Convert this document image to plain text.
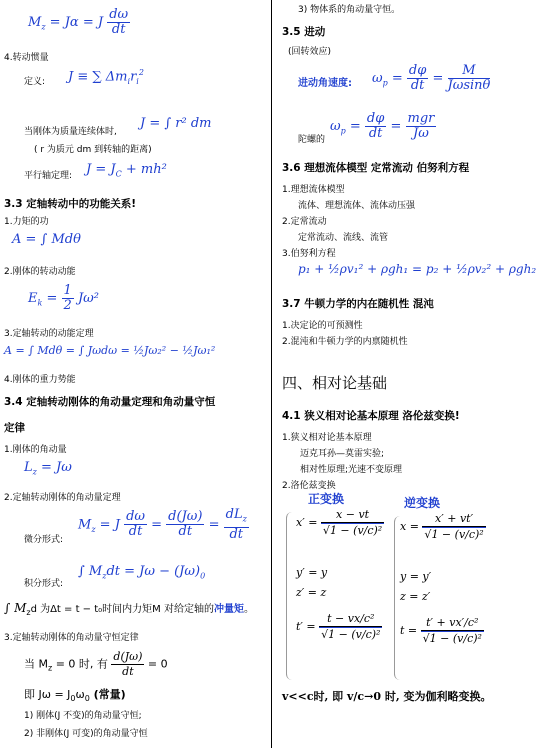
$M_z = J\alpha = J \frac{d\omega}{dt}$
4.转动惯量
定义: J ≡ ∑ $\Delta m_ir_i^2$
当刚体为质量连续体时,
J = ∫ r² dm
( r 为质元 dm 到转轴的距离)
平行轴定理: $J = J_C + mh^2$
3.3 定轴转动中的功能关系!
1.力矩的功
A = ∫ Mdθ
2.刚体的转动动能
$E_k = \frac{1}{2} J\omega^2$
3.定轴转动的动能定理
A = ∫ Mdθ = ∫ Jωdω = ½Jω₂² − ½Jω₁²
4.刚体的重力势能
3.4 定轴转动刚体的角动量定理和角动量守恒
定律
1.刚体的角动量
$L_z = J\omega$
2.定轴转动刚体的角动量定理
微分形式:
$M_z = J \frac{d\omega}{dt} = \frac{d(J\omega)}{dt} = \frac{dL_z}{dt}$
积分形式:
∫ $M_zdt = J\omega - (J\omega)_0$
∫ $M_zd$ 为Δt = t − t₀时间内力矩M 对给定轴的冲量矩。
3.定轴转动刚体的角动量守恒定律
当 $M_z = 0$ 时, 有 $\frac{d(J\omega)}{dt} = 0$
即 $J\omega = J_0\omega_0$ (常量)
1) 刚体(J 不变)的角动量守恒;
2) 非刚体(J 可变)的角动量守恒
3) 物体系的角动量守恒。
3.5 进动
(回转效应)
进动角速度: $\omega_p = \frac{d\varphi}{dt} = \frac{M}{J\omega\sin\theta}$
陀螺的
$\omega_p = \frac{d\varphi}{dt} = \frac{\text{mgr}}{J\omega}$
3.6 理想流体模型 定常流动 伯努利方程
1.理想流体模型
流体、理想流体、流体动压强
2.定常流动
定常流动、流线、流管
3.伯努利方程
p₁ + ½ρv₁² + ρgh₁ = p₂ + ½ρv₂² + ρgh₂
3.7 牛顿力学的内在随机性 混沌
1.决定论的可预测性
2.混沌和牛顿力学的内禀随机性
四、相对论基础
4.1 狭义相对论基本原理 洛伦兹变换!
1.狭义相对论基本原理
迈克耳孙—莫雷实验;
相对性原理;光速不变原理
2.洛伦兹变换
正变换	逆变换
$x' = \frac{x - vt}{\text{√1 − (v/c)²}}$
y′ = y
z′ = z
$t' = \frac{\text{t − vx/c²}}{\text{√1 − (v/c)²}}$
$x = \frac{x' + vt'}{\text{√1 − (v/c)²}}$
y = y′
z = z′
$t = \frac{\text{t′ + vx′/c²}}{\text{√1 − (v/c)²}}$
v<<c时, 即 v/c→0 时, 变为伽利略变换。
